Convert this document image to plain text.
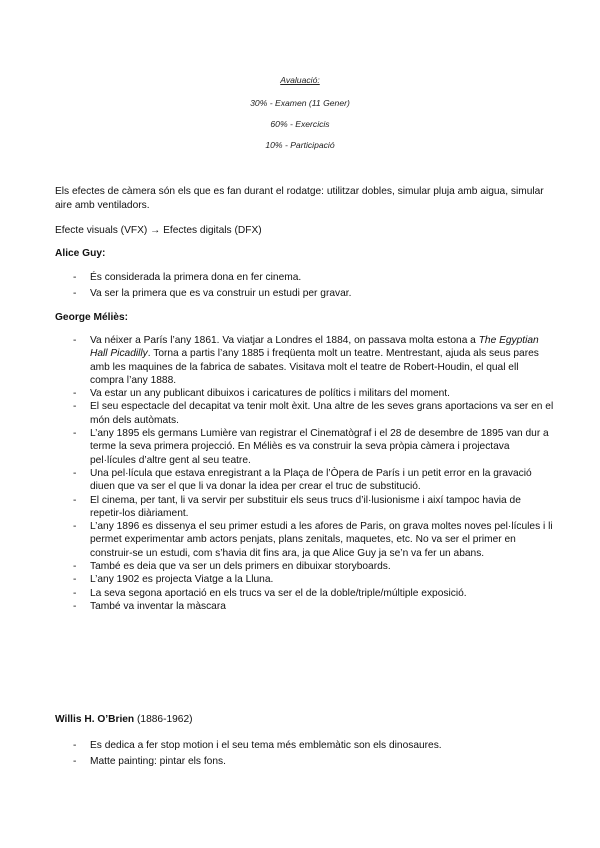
Avaluació:
30% - Examen (11 Gener)
60% - Exercicis
10% - Participació
Els efectes de càmera són els que es fan durant el rodatge: utilitzar dobles, simular pluja amb aigua, simular aire amb ventiladors.
Efecte visuals (VFX) → Efectes digitals (DFX)
Alice Guy:
- És considerada la primera dona en fer cinema.
- Va ser la primera que es va construir un estudi per gravar.
George Méliès:
- Va néixer a París l’any 1861. Va viatjar a Londres el 1884, on passava molta estona a The Egyptian Hall Picadilly. Torna a partis l’any 1885 i freqüenta molt un teatre. Mentrestant, ajuda als seus pares amb les maquines de la fabrica de sabates. Visitava molt el teatre de Robert-Houdin, el qual ell compra l’any 1888.
- Va estar un any publicant dibuixos i caricatures de polítics i militars del moment.
- El seu espectacle del decapitat va tenir molt èxit. Una altre de les seves grans aportacions va ser en el món dels autòmats.
- L’any 1895 els germans Lumière van registrar el Cinematògraf i el 28 de desembre de 1895 van dur a terme la seva primera projecció. En Méliès es va construir la seva pròpia càmera i projectava pel·lícules d’altre gent al seu teatre.
- Una pel·lícula que estava enregistrant a la Plaça de l’Òpera de París i un petit error en la gravació diuen que va ser el que li va donar la idea per crear el truc de substitució.
- El cinema, per tant, li va servir per substituir els seus trucs d’il·lusionisme i així tampoc havia de repetir-los diàriament.
- L’any 1896 es dissenya el seu primer estudi a les afores de Paris, on grava moltes noves pel·lícules i li permet experimentar amb actors penjats, plans zenitals, maquetes, etc. No va ser el primer en construir-se un estudi, com s’havia dit fins ara, ja que Alice Guy ja se’n va fer un abans.
- També es deia que va ser un dels primers en dibuixar storyboards.
- L’any 1902 es projecta Viatge a la Lluna.
- La seva segona aportació en els trucs va ser el de la doble/triple/múltiple exposició.
- També va inventar la màscara
Willis H. O’Brien (1886-1962)
- Es dedica a fer stop motion i el seu tema més emblemàtic son els dinosaures.
- Matte painting: pintar els fons.
